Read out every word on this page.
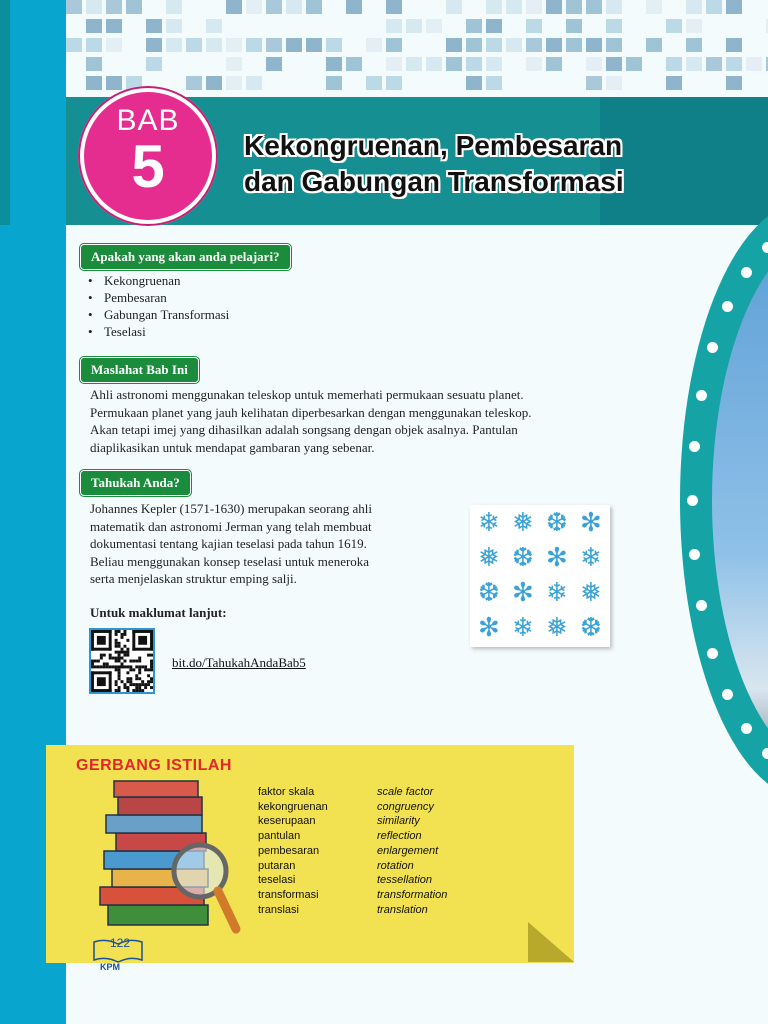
BAB
5	Kekongruenan, Pembesaran
dan Gabungan Transformasi
Apakah yang akan anda pelajari?
• Kekongruenan
• Pembesaran
• Gabungan Transformasi
• Teselasi
Maslahat Bab Ini
Ahli astronomi menggunakan teleskop untuk memerhati permukaan sesuatu planet.
Permukaan planet yang jauh kelihatan diperbesarkan dengan menggunakan teleskop.
Akan tetapi imej yang dihasilkan adalah songsang dengan objek asalnya. Pantulan
diaplikasikan untuk mendapat gambaran yang sebenar.
Tahukah Anda?
Johannes Kepler (1571-1630) merupakan seorang ahli
matematik dan astronomi Jerman yang telah membuat
dokumentasi tentang kajian teselasi pada tahun 1619.
Beliau menggunakan konsep teselasi untuk meneroka
serta menjelaskan struktur emping salji.
Untuk maklumat lanjut:
❄ ❅ ❆ ✻
❅ ❆ ✻ ❄
❆ ✻ ❄ ❅
✻ ❄ ❅ ❆
bit.do/TahukahAndaBab5
GERBANG ISTILAH
faktor skala
kekongruenan
keserupaan
pantulan
pembesaran
putaran
teselasi
transformasi
translasi
scale factor
congruency
similarity
reflection
enlargement
rotation
tessellation
transformation
translation
122
KPM
